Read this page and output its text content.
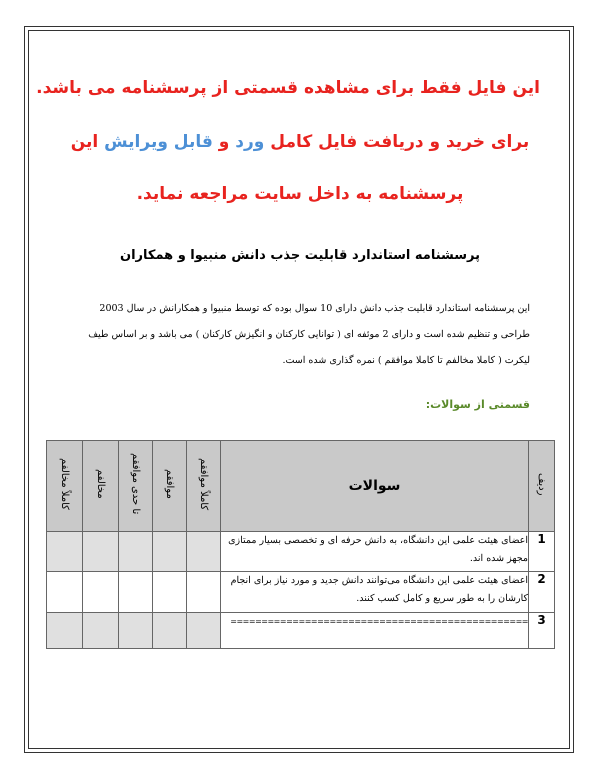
این فایل فقط برای مشاهده قسمتی از پرسشنامه می باشد.
برای خرید و دریافت فایل کامل ورد و قابل ویرایش این
پرسشنامه به داخل سایت مراجعه نماید.
پرسشنامه استاندارد قابلیت جذب دانش منبیوا و همکاران

این پرسشنامه استاندارد قابلیت جذب دانش دارای 10 سوال بوده که توسط منبیوا و همکارانش در سال 2003

طراحی و تنظیم شده است و دارای 2 موئفه ای ( توانایی کارکنان و انگیزش کارکنان ) می باشد و بر اساس طیف

لیکرت ( کاملا مخالفم تا کاملا موافقم ) نمره گذاری شده است.

قسمتی از سوالات:
ردیف	سوالات	کاملاً موافقم	موافقم	تا حدی موافقم	مخالفم	کاملاً مخالفم
1	اعضای هیئت علمی این دانشگاه، به دانش حرفه ای و تخصصی بسیار ممتازی مجهز شده اند.					
2	اعضای هیئت علمی این دانشگاه می‌توانند دانش جدید و مورد نیاز برای انجام کارشان را به طور سریع و کامل کسب کنند.					
3	================================================					
